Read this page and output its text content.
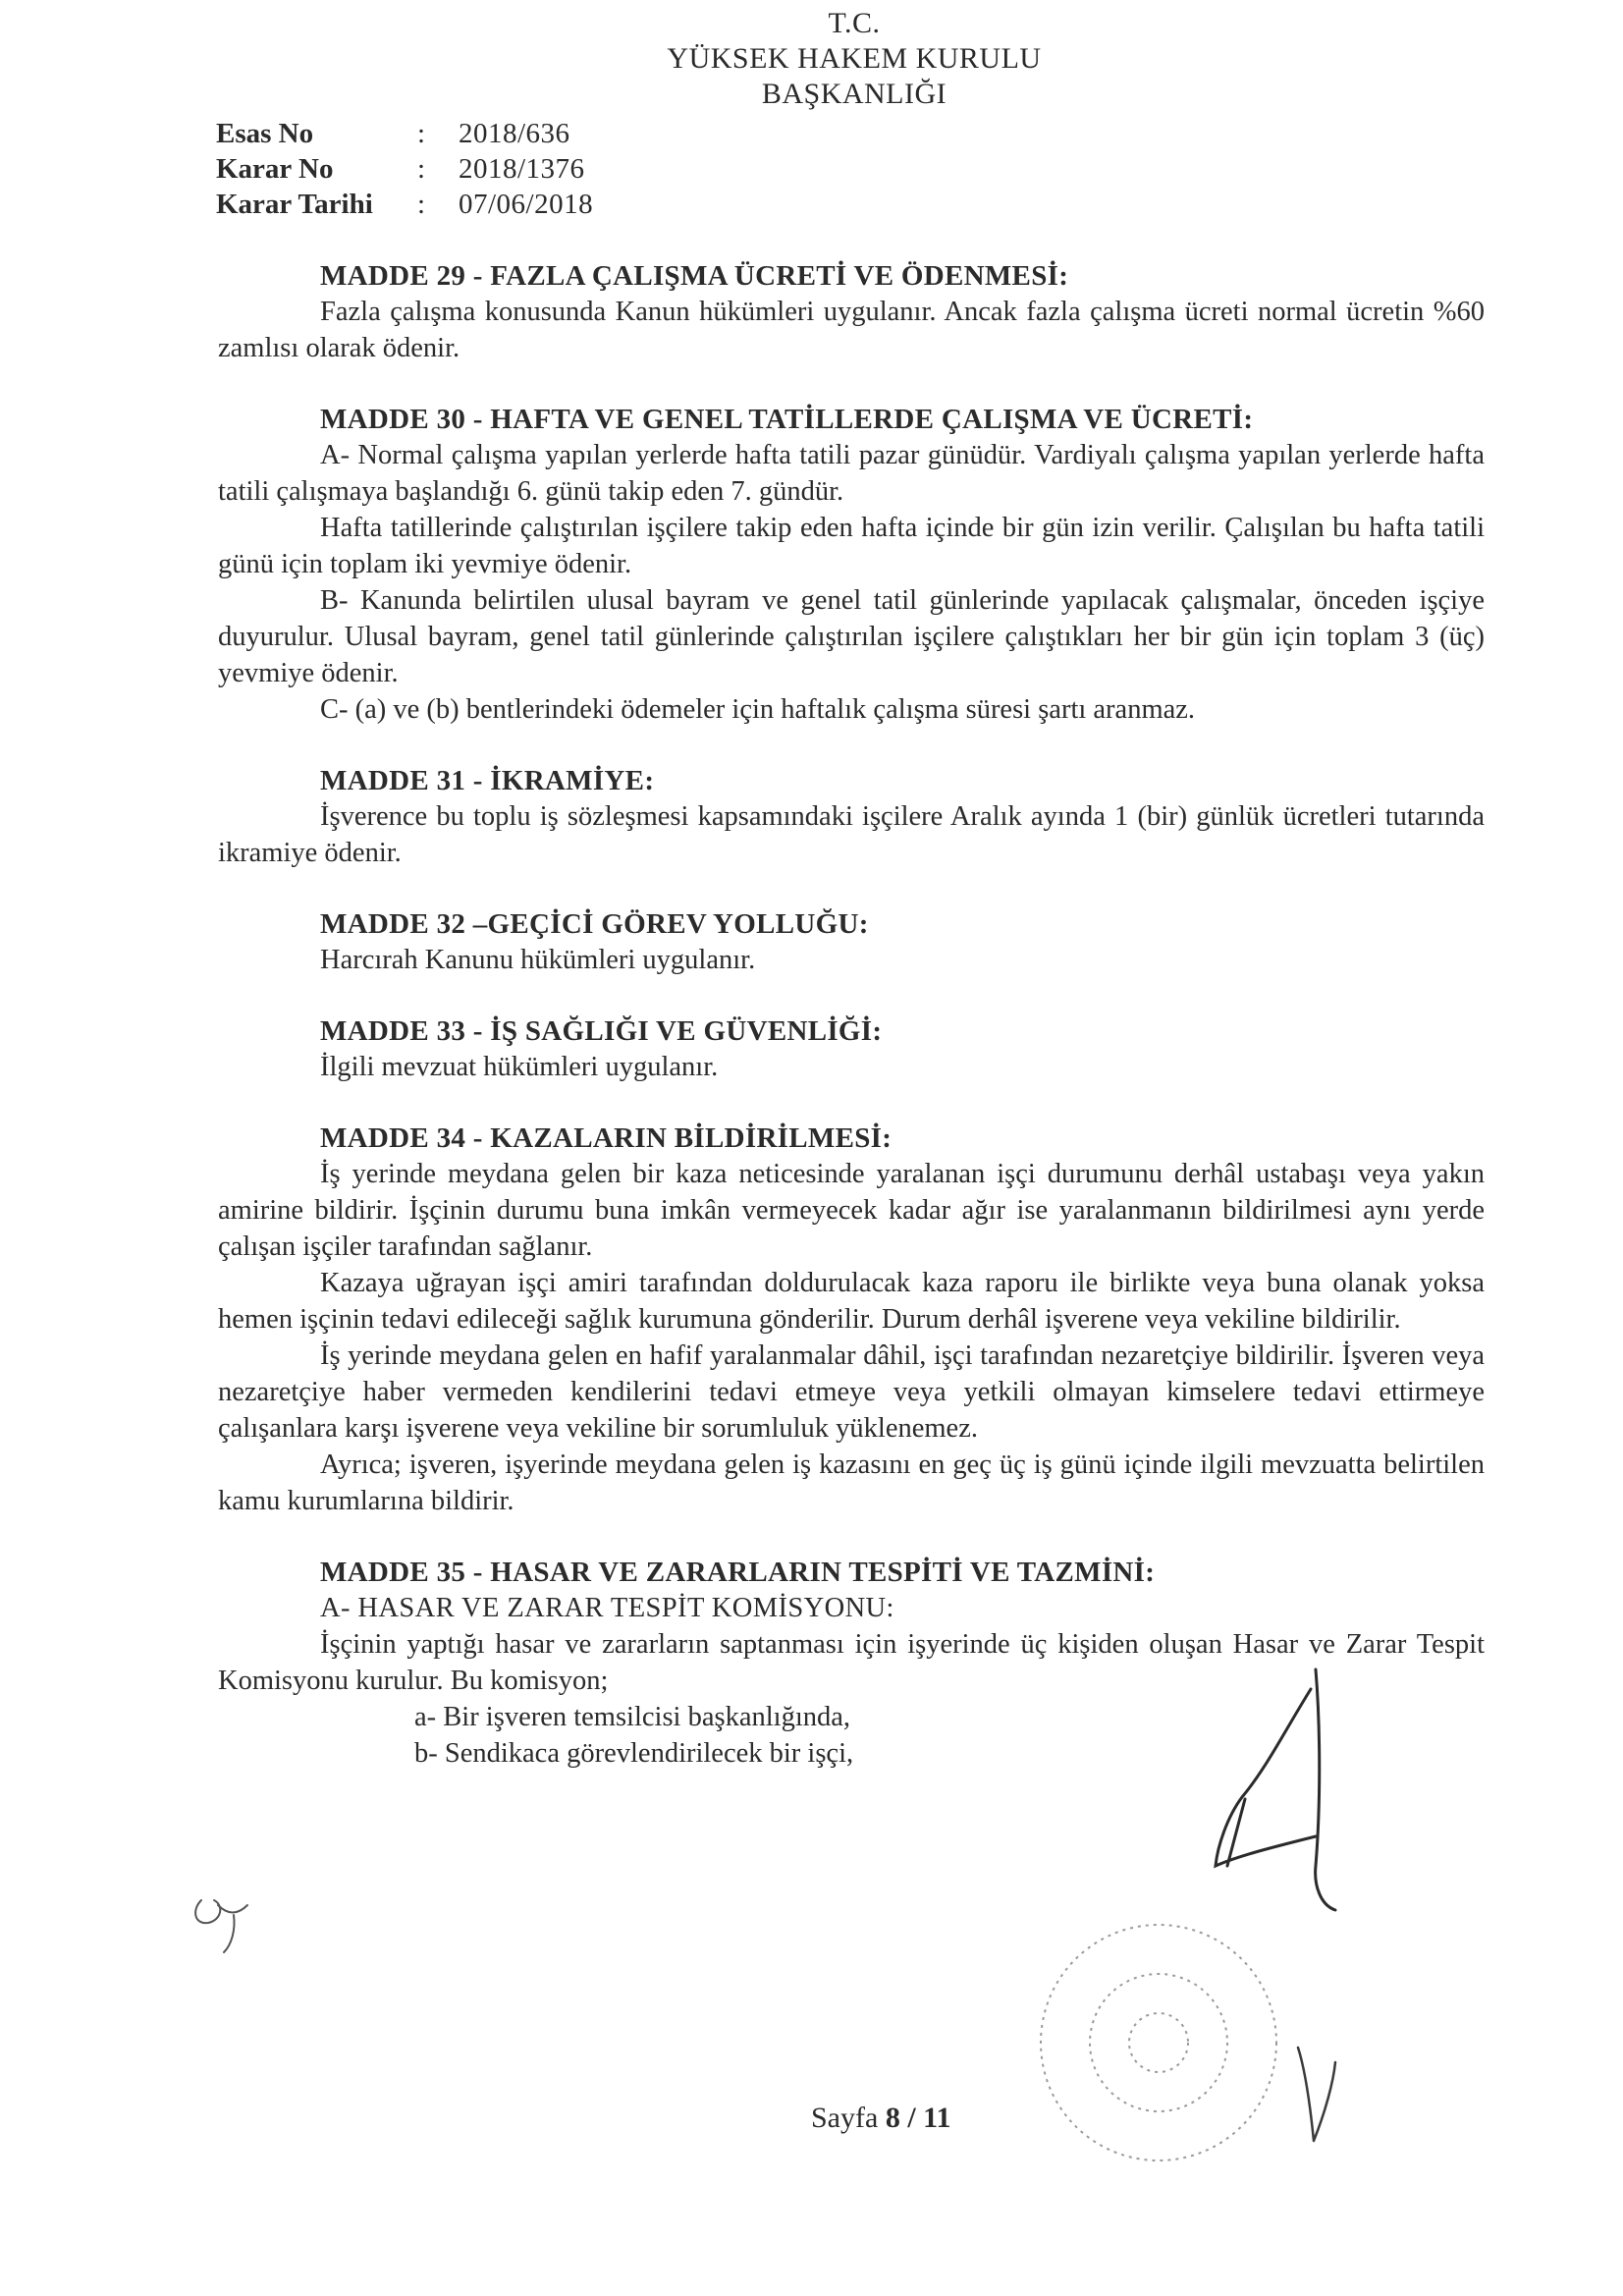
T.C.
YÜKSEK HAKEM KURULU
BAŞKANLIĞI
Esas No	:	2018/636
Karar No	:	2018/1376
Karar Tarihi	:	07/06/2018
MADDE 29 - FAZLA ÇALIŞMA ÜCRETİ VE ÖDENMESİ:
Fazla çalışma konusunda Kanun hükümleri uygulanır. Ancak fazla çalışma ücreti normal ücretin %60 zamlısı olarak ödenir.
MADDE 30 - HAFTA VE GENEL TATİLLERDE ÇALIŞMA VE ÜCRETİ:
A- Normal çalışma yapılan yerlerde hafta tatili pazar günüdür. Vardiyalı çalışma yapılan yerlerde hafta tatili çalışmaya başlandığı 6. günü takip eden 7. gündür.
Hafta tatillerinde çalıştırılan işçilere takip eden hafta içinde bir gün izin verilir. Çalışılan bu hafta tatili günü için toplam iki yevmiye ödenir.
B- Kanunda belirtilen ulusal bayram ve genel tatil günlerinde yapılacak çalışmalar, önceden işçiye duyurulur. Ulusal bayram, genel tatil günlerinde çalıştırılan işçilere çalıştıkları her bir gün için toplam 3 (üç) yevmiye ödenir.
C- (a) ve (b) bentlerindeki ödemeler için haftalık çalışma süresi şartı aranmaz.
MADDE 31 - İKRAMİYE:
İşverence bu toplu iş sözleşmesi kapsamındaki işçilere Aralık ayında 1 (bir) günlük ücretleri tutarında ikramiye ödenir.
MADDE 32 –GEÇİCİ GÖREV YOLLUĞU:
Harcırah Kanunu hükümleri uygulanır.
MADDE 33 - İŞ SAĞLIĞI VE GÜVENLİĞİ:
İlgili mevzuat hükümleri uygulanır.
MADDE 34 - KAZALARIN BİLDİRİLMESİ:
İş yerinde meydana gelen bir kaza neticesinde yaralanan işçi durumunu derhâl ustabaşı veya yakın amirine bildirir. İşçinin durumu buna imkân vermeyecek kadar ağır ise yaralanmanın bildirilmesi aynı yerde çalışan işçiler tarafından sağlanır.
Kazaya uğrayan işçi amiri tarafından doldurulacak kaza raporu ile birlikte veya buna olanak yoksa hemen işçinin tedavi edileceği sağlık kurumuna gönderilir. Durum derhâl işverene veya vekiline bildirilir.
İş yerinde meydana gelen en hafif yaralanmalar dâhil, işçi tarafından nezaretçiye bildirilir. İşveren veya nezaretçiye haber vermeden kendilerini tedavi etmeye veya yetkili olmayan kimselere tedavi ettirmeye çalışanlara karşı işverene veya vekiline bir sorumluluk yüklenemez.
Ayrıca; işveren, işyerinde meydana gelen iş kazasını en geç üç iş günü içinde ilgili mevzuatta belirtilen kamu kurumlarına bildirir.
MADDE 35 - HASAR VE ZARARLARIN TESPİTİ VE TAZMİNİ:
A- HASAR VE ZARAR TESPİT KOMİSYONU:
İşçinin yaptığı hasar ve zararların saptanması için işyerinde üç kişiden oluşan Hasar ve Zarar Tespit Komisyonu kurulur. Bu komisyon;
a- Bir işveren temsilcisi başkanlığında,
b- Sendikaca görevlendirilecek bir işçi,
Sayfa 8 / 11
